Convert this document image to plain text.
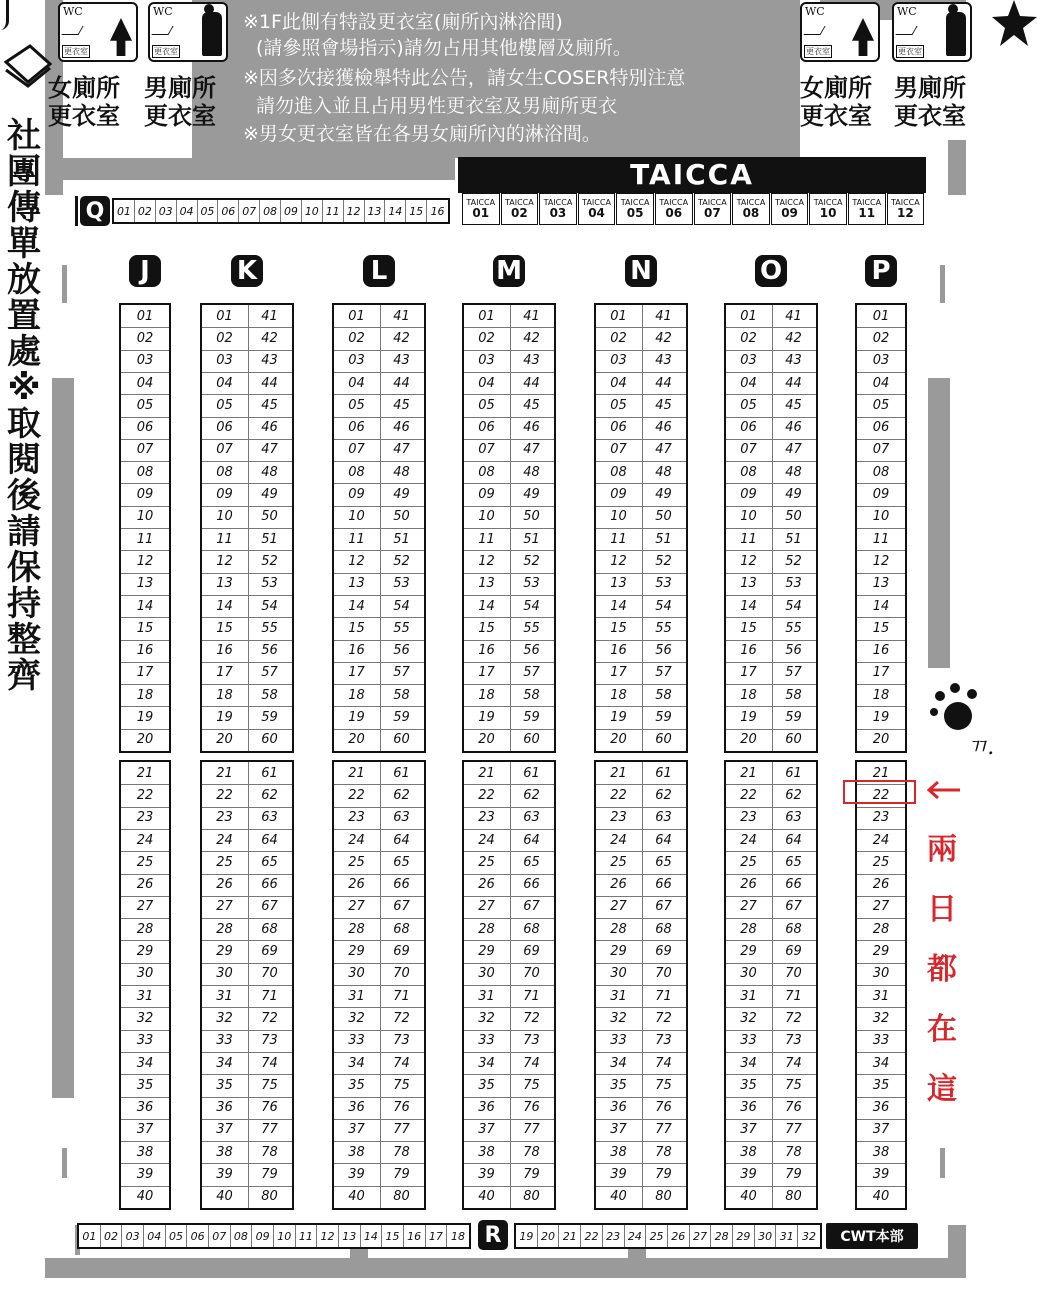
※1F此側有特設更衣室(廁所內淋浴間)
(請參照會場指示)請勿占用其他樓層及廁所。
※因多次接獲檢舉特此公告，請女生COSER特別注意
請勿進入並且占用男性更衣室及男廁所更衣
※男女更衣室皆在各男女廁所內的淋浴間。
WC
更衣室
WC
更衣室
女廁所
更衣室
男廁所
更衣室
WC
更衣室
WC
更衣室
女廁所
更衣室
男廁所
更衣室
社
團
傳
單
放
置
處
※
取
閱
後
請
保
持
整
齊
Q	01 02 03 04 05 06 07 08 09 10 11 12 13 14 15 16
TAICCA
TAICCA
01
TAICCA
02
TAICCA
03
TAICCA
04
TAICCA
05
TAICCA
06
TAICCA
07
TAICCA
08
TAICCA
09
TAICCA
10
TAICCA
11
TAICCA
12
J
01
02
03
04
05
06
07
08
09
10
11
12
13
14
15
16
17
18
19
20
21
22
23
24
25
26
27
28
29
30
31
32
33
34
35
36
37
38
39
40
K
01	41
02	42
03	43
04	44
05	45
06	46
07	47
08	48
09	49
10	50
11	51
12	52
13	53
14	54
15	55
16	56
17	57
18	58
19	59
20	60
21	61
22	62
23	63
24	64
25	65
26	66
27	67
28	68
29	69
30	70
31	71
32	72
33	73
34	74
35	75
36	76
37	77
38	78
39	79
40	80
L
01	41
02	42
03	43
04	44
05	45
06	46
07	47
08	48
09	49
10	50
11	51
12	52
13	53
14	54
15	55
16	56
17	57
18	58
19	59
20	60
21	61
22	62
23	63
24	64
25	65
26	66
27	67
28	68
29	69
30	70
31	71
32	72
33	73
34	74
35	75
36	76
37	77
38	78
39	79
40	80
M
01	41
02	42
03	43
04	44
05	45
06	46
07	47
08	48
09	49
10	50
11	51
12	52
13	53
14	54
15	55
16	56
17	57
18	58
19	59
20	60
21	61
22	62
23	63
24	64
25	65
26	66
27	67
28	68
29	69
30	70
31	71
32	72
33	73
34	74
35	75
36	76
37	77
38	78
39	79
40	80
N
01	41
02	42
03	43
04	44
05	45
06	46
07	47
08	48
09	49
10	50
11	51
12	52
13	53
14	54
15	55
16	56
17	57
18	58
19	59
20	60
21	61
22	62
23	63
24	64
25	65
26	66
27	67
28	68
29	69
30	70
31	71
32	72
33	73
34	74
35	75
36	76
37	77
38	78
39	79
40	80
O
01	41
02	42
03	43
04	44
05	45
06	46
07	47
08	48
09	49
10	50
11	51
12	52
13	53
14	54
15	55
16	56
17	57
18	58
19	59
20	60
21	61
22	62
23	63
24	64
25	65
26	66
27	67
28	68
29	69
30	70
31	71
32	72
33	73
34	74
35	75
36	76
37	77
38	78
39	79
40	80
P
01
02
03
04
05
06
07
08
09
10
11
12
13
14
15
16
17
18
19
20
21
22
23
24
25
26
27
28
29
30
31
32
33
34
35
36
37
38
39
40
兩
日
都
在
這
ㄲ.
01 02 03 04 05 06 07 08 09 10 11 12 13 14 15 16 17 18 R	19 20 21 22 23 24 25 26 27 28 29 30 31 32	CWT本部
